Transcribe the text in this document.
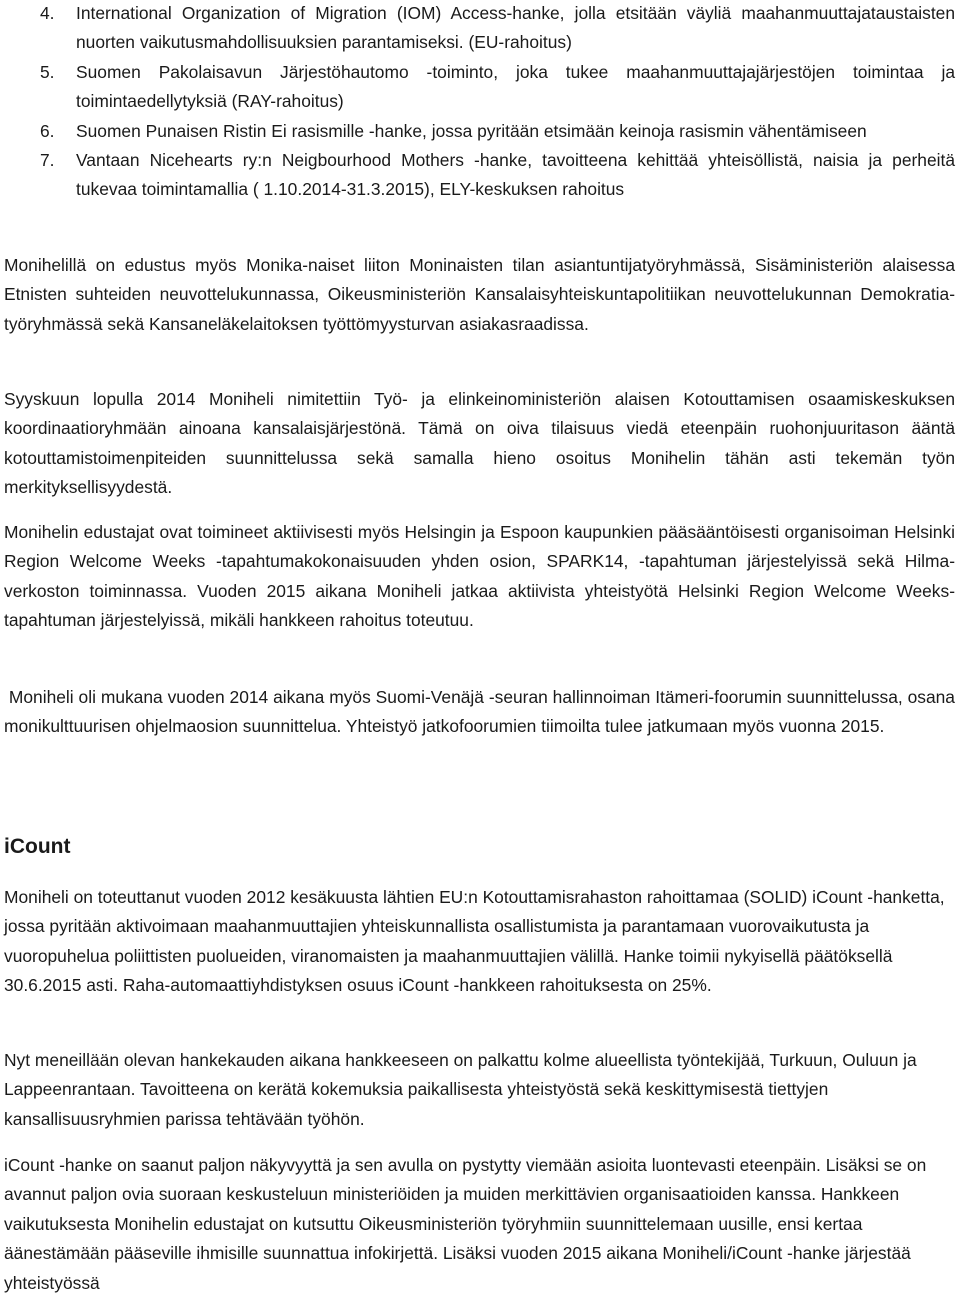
4. International Organization of Migration (IOM) Access-hanke, jolla etsitään väyliä maahanmuuttajataustaisten nuorten vaikutusmahdollisuuksien parantamiseksi. (EU-rahoitus)
5. Suomen Pakolaisavun Järjestöhautomo -toiminto, joka tukee maahanmuuttajajärjestöjen toimintaa ja toimintaedellytyksiä (RAY-rahoitus)
6. Suomen Punaisen Ristin Ei rasismille -hanke, jossa pyritään etsimään keinoja rasismin vähentämiseen
7. Vantaan Nicehearts ry:n Neigbourhood Mothers -hanke, tavoitteena kehittää yhteisöllistä, naisia ja perheitä tukevaa toimintamallia ( 1.10.2014-31.3.2015), ELY-keskuksen rahoitus

Monihelillä on edustus myös Monika-naiset liiton Moninaisten tilan asiantuntijatyöryhmässä, Sisäministeriön alaisessa Etnisten suhteiden neuvottelukunnassa, Oikeusministeriön Kansalaisyhteiskuntapolitiikan neuvottelukunnan Demokratia-työryhmässä sekä Kansaneläkelaitoksen työttömyysturvan asiakasraadissa.

Syyskuun lopulla 2014 Moniheli nimitettiin Työ- ja elinkeinoministeriön alaisen Kotouttamisen osaamiskeskuksen koordinaatioryhmään ainoana kansalaisjärjestönä. Tämä on oiva tilaisuus viedä eteenpäin ruohonjuuritason ääntä kotouttamistoimenpiteiden suunnittelussa sekä samalla hieno osoitus Monihelin tähän asti tekemän työn merkityksellisyydestä.

Monihelin edustajat ovat toimineet aktiivisesti myös Helsingin ja Espoon kaupunkien pääsääntöisesti organisoiman Helsinki Region Welcome Weeks -tapahtumakokonaisuuden yhden osion, SPARK14, -tapahtuman järjestelyissä sekä Hilma-verkoston toiminnassa. Vuoden 2015 aikana Moniheli jatkaa aktiivista yhteistyötä Helsinki Region Welcome Weeks- tapahtuman järjestelyissä, mikäli hankkeen rahoitus toteutuu.

Moniheli oli mukana vuoden 2014 aikana myös Suomi-Venäjä -seuran hallinnoiman Itämeri-foorumin suunnittelussa, osana monikulttuurisen ohjelmaosion suunnittelua. Yhteistyö jatkofoorumien tiimoilta tulee jatkumaan myös vuonna 2015.

iCount

Moniheli on toteuttanut vuoden 2012 kesäkuusta lähtien EU:n Kotouttamisrahaston rahoittamaa (SOLID) iCount -hanketta, jossa pyritään aktivoimaan maahanmuuttajien yhteiskunnallista osallistumista ja parantamaan vuorovaikutusta ja vuoropuhelua poliittisten puolueiden, viranomaisten ja maahanmuuttajien välillä. Hanke toimii nykyisellä päätöksellä 30.6.2015 asti. Raha-automaattiyhdistyksen osuus iCount -hankkeen rahoituksesta on 25%.

Nyt meneillään olevan hankekauden aikana hankkeeseen on palkattu kolme alueellista työntekijää, Turkuun, Ouluun ja Lappeenrantaan. Tavoitteena on kerätä kokemuksia paikallisesta yhteistyöstä sekä keskittymisestä tiettyjen kansallisuusryhmien parissa tehtävään työhön.

iCount -hanke on saanut paljon näkyvyyttä ja sen avulla on pystytty viemään asioita luontevasti eteenpäin. Lisäksi se on avannut paljon ovia suoraan keskusteluun ministeriöiden ja muiden merkittävien organisaatioiden kanssa. Hankkeen vaikutuksesta Monihelin edustajat on kutsuttu Oikeusministeriön työryhmiin suunnittelemaan uusille, ensi kertaa äänestämään pääseville ihmisille suunnattua infokirjettä. Lisäksi vuoden 2015 aikana Moniheli/iCount -hanke järjestää yhteistyössä
